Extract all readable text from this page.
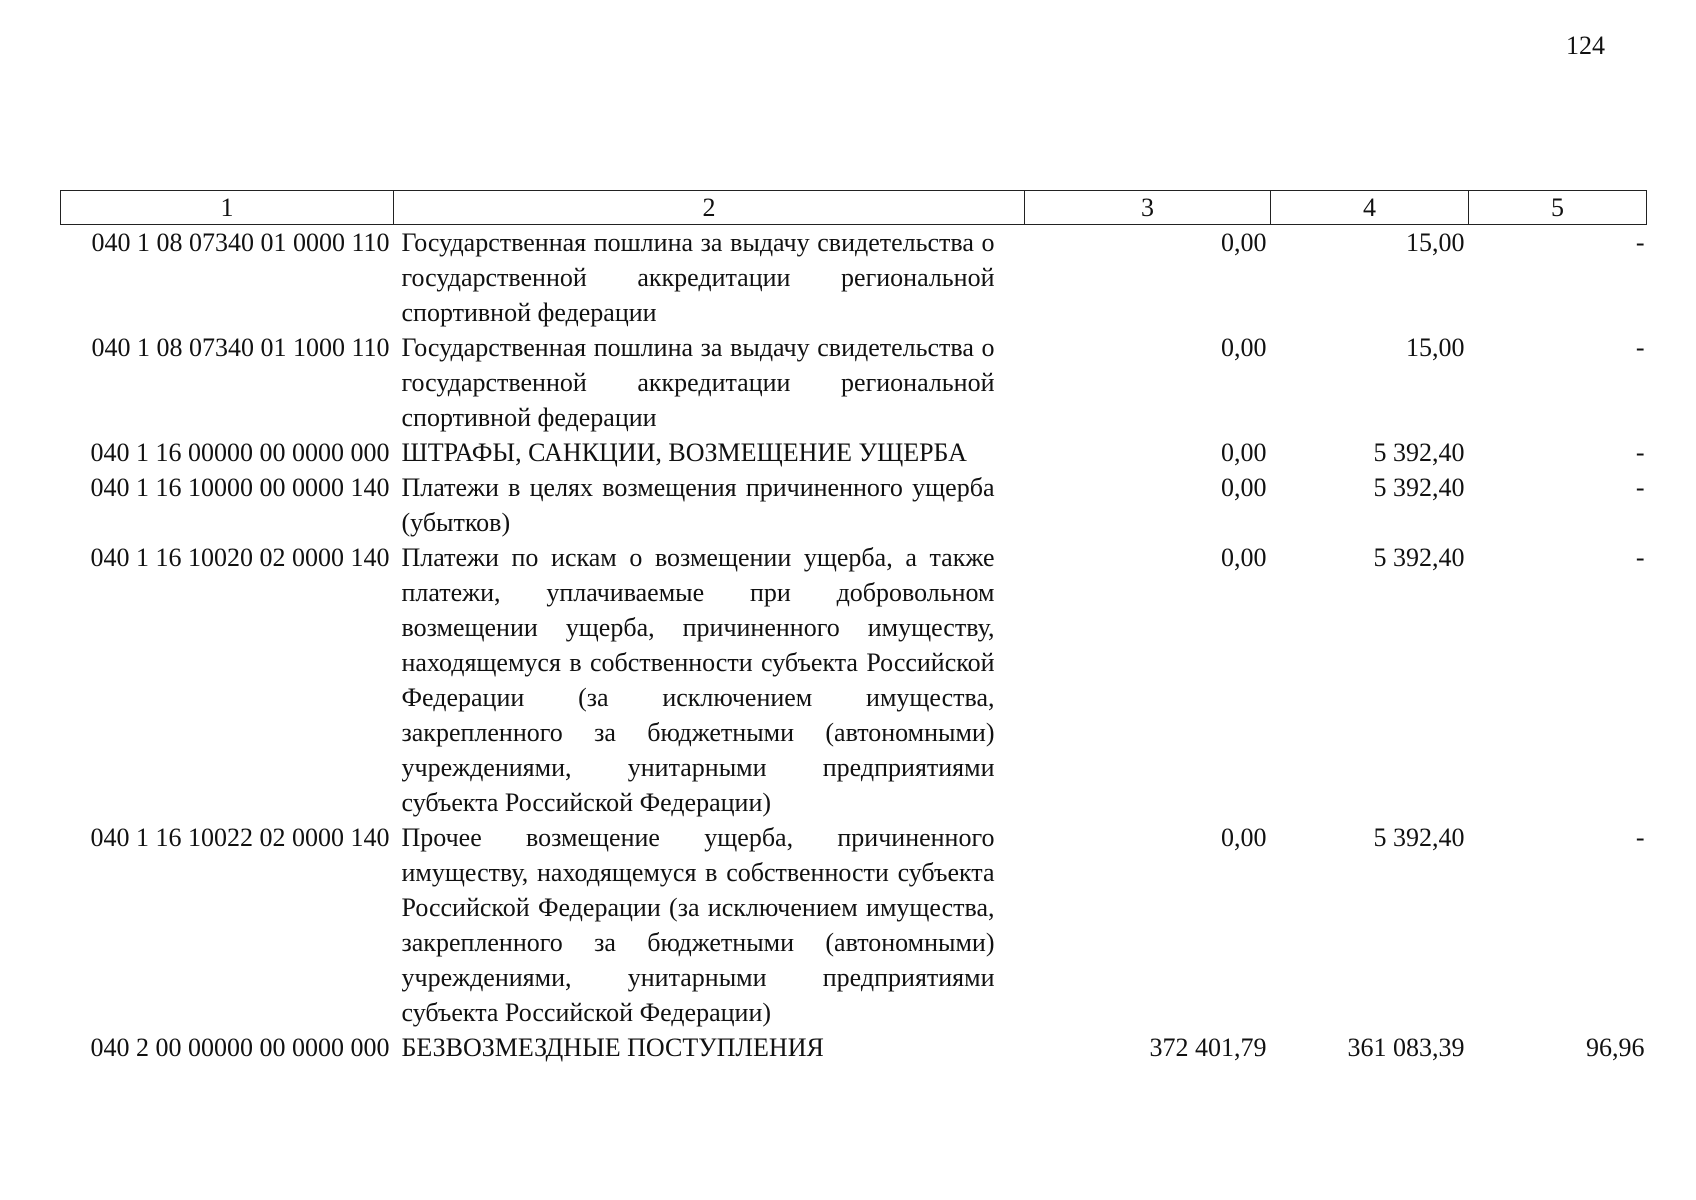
124
1	2	3	4	5
040 1 08 07340 01 0000 110	Государственная пошлина за выдачу свидетельства о государственной аккредитации региональной спортивной федерации	0,00	15,00	-
040 1 08 07340 01 1000 110	Государственная пошлина за выдачу свидетельства о государственной аккредитации региональной спортивной федерации	0,00	15,00	-
040 1 16 00000 00 0000 000	ШТРАФЫ, САНКЦИИ, ВОЗМЕЩЕНИЕ УЩЕРБА	0,00	5 392,40	-
040 1 16 10000 00 0000 140	Платежи в целях возмещения причиненного ущерба (убытков)	0,00	5 392,40	-
040 1 16 10020 02 0000 140	Платежи по искам о возмещении ущерба, а также платежи, уплачиваемые при добровольном возмещении ущерба, причиненного имуществу, находящемуся в собственности субъекта Российской Федерации (за исключением имущества, закрепленного за бюджетными (автономными) учреждениями, унитарными предприятиями субъекта Российской Федерации)	0,00	5 392,40	-
040 1 16 10022 02 0000 140	Прочее возмещение ущерба, причиненного имуществу, находящемуся в собственности субъекта Российской Федерации (за исключением имущества, закрепленного за бюджетными (автономными) учреждениями, унитарными предприятиями субъекта Российской Федерации)	0,00	5 392,40	-
040 2 00 00000 00 0000 000	БЕЗВОЗМЕЗДНЫЕ ПОСТУПЛЕНИЯ	372 401,79	361 083,39	96,96
